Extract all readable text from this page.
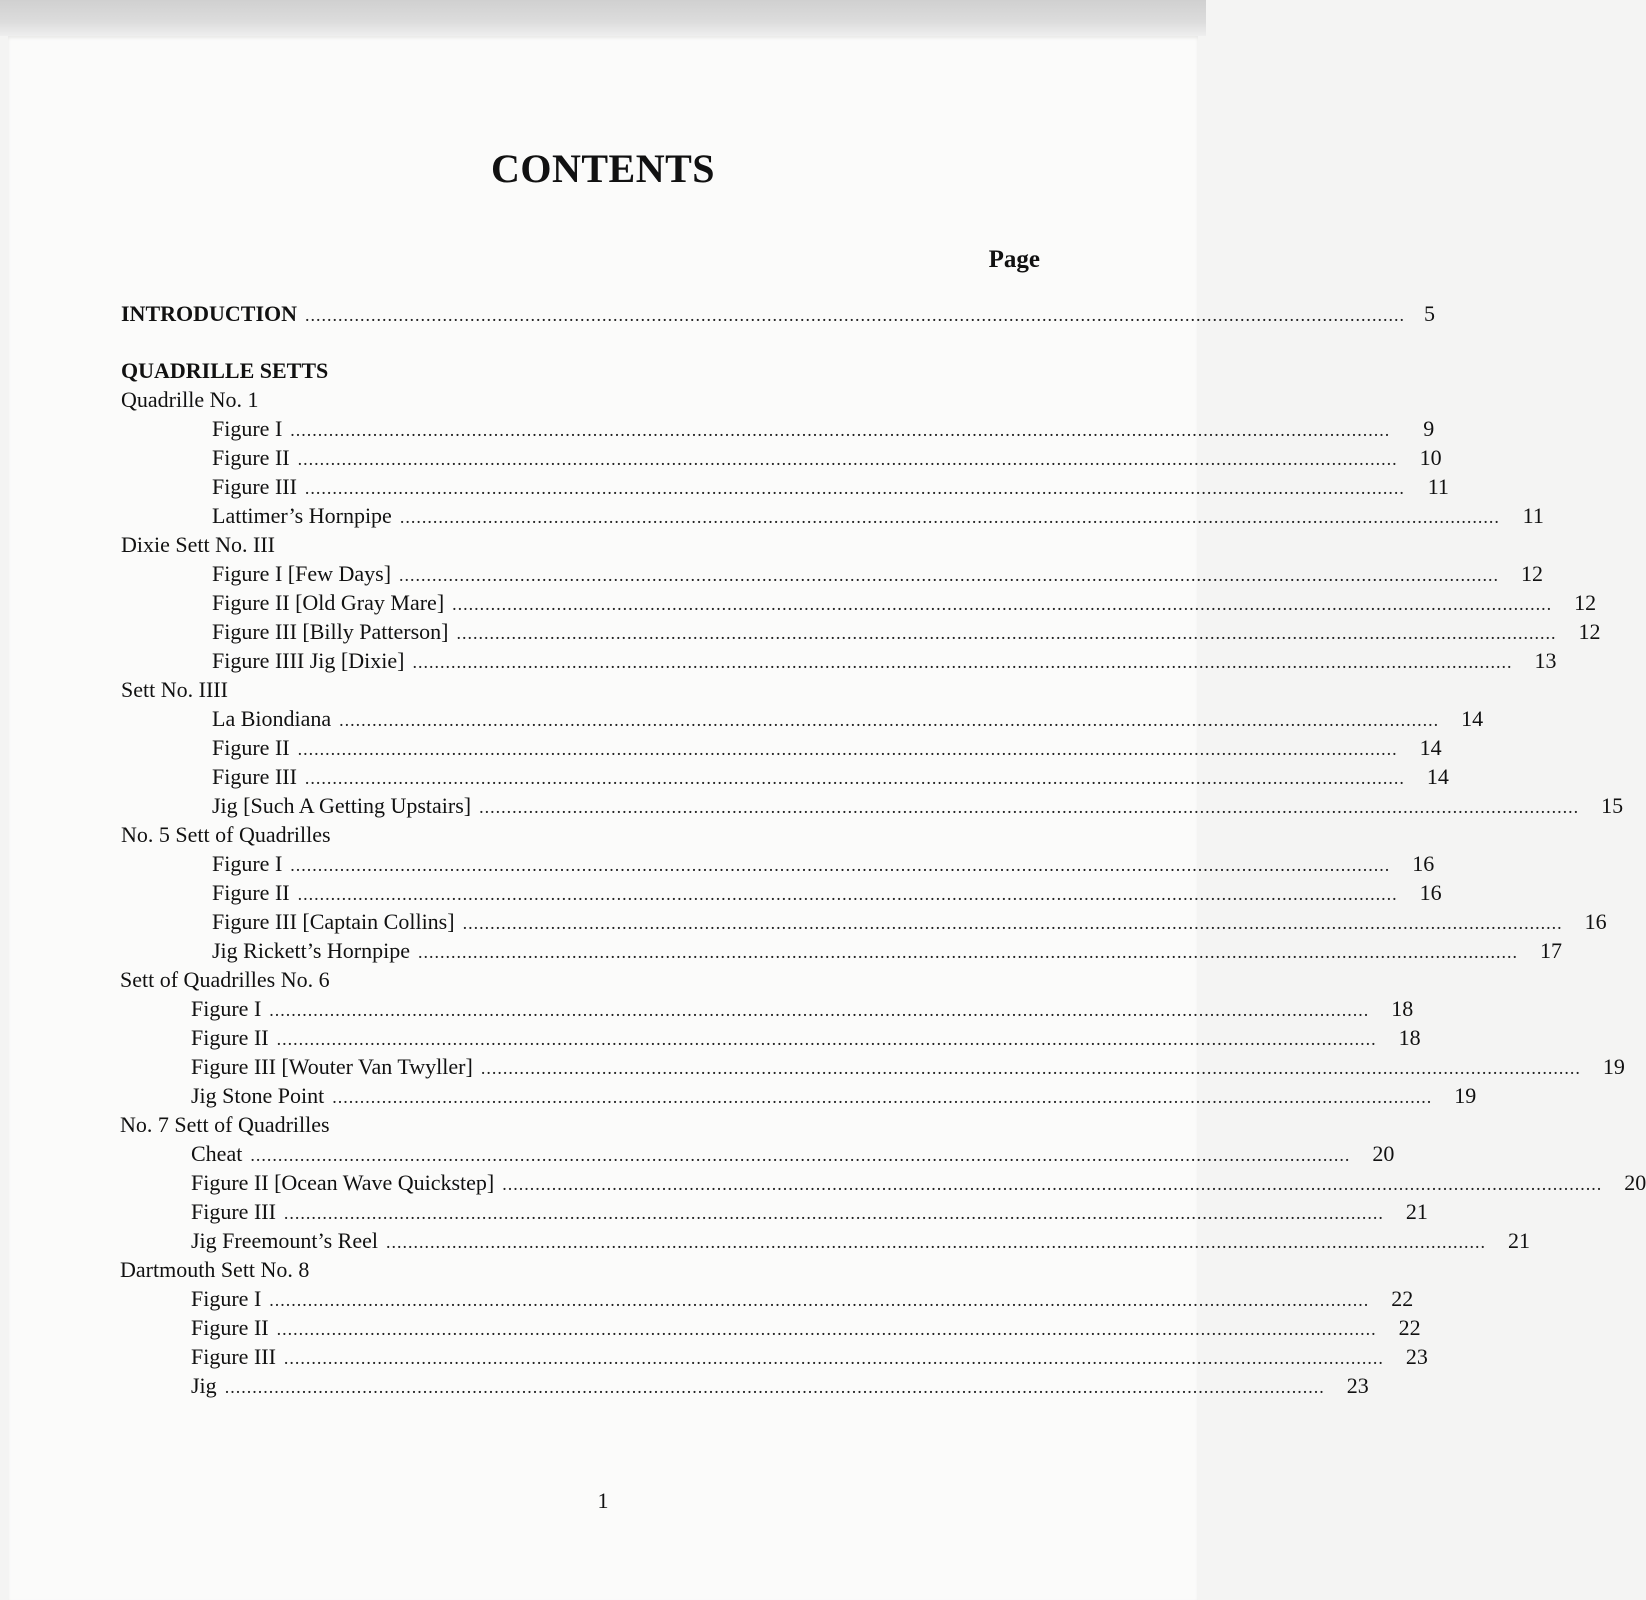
CONTENTS
Page
INTRODUCTION ........................................................................................................................................................................................................ 5
QUADRILLE SETTS
Quadrille No. 1
Figure I ........................................................................................................................................................................................................	9
Figure II ........................................................................................................................................................................................................	10
Figure III ........................................................................................................................................................................................................	11
Lattimer’s Hornpipe ........................................................................................................................................................................................................	11
Dixie Sett No. III
Figure I [Few Days] ........................................................................................................................................................................................................	12
Figure II [Old Gray Mare] ........................................................................................................................................................................................................	12
Figure III [Billy Patterson] ........................................................................................................................................................................................................	12
Figure IIII Jig [Dixie] ........................................................................................................................................................................................................	13
Sett No. IIII
La Biondiana ........................................................................................................................................................................................................	14
Figure II ........................................................................................................................................................................................................	14
Figure III ........................................................................................................................................................................................................	14
Jig [Such A Getting Upstairs] ........................................................................................................................................................................................................	15
No. 5 Sett of Quadrilles
Figure I ........................................................................................................................................................................................................	16
Figure II ........................................................................................................................................................................................................	16
Figure III [Captain Collins] ........................................................................................................................................................................................................	16
Jig Rickett’s Hornpipe ........................................................................................................................................................................................................	17
Sett of Quadrilles No. 6
Figure I ........................................................................................................................................................................................................	18
Figure II ........................................................................................................................................................................................................	18
Figure III [Wouter Van Twyller] ........................................................................................................................................................................................................	19
Jig Stone Point ........................................................................................................................................................................................................	19
No. 7 Sett of Quadrilles
Cheat ........................................................................................................................................................................................................	20
Figure II [Ocean Wave Quickstep] ........................................................................................................................................................................................................	20
Figure III ........................................................................................................................................................................................................	21
Jig Freemount’s Reel ........................................................................................................................................................................................................	21
Dartmouth Sett No. 8
Figure I ........................................................................................................................................................................................................	22
Figure II ........................................................................................................................................................................................................	22
Figure III ........................................................................................................................................................................................................	23
Jig ........................................................................................................................................................................................................	23
1
